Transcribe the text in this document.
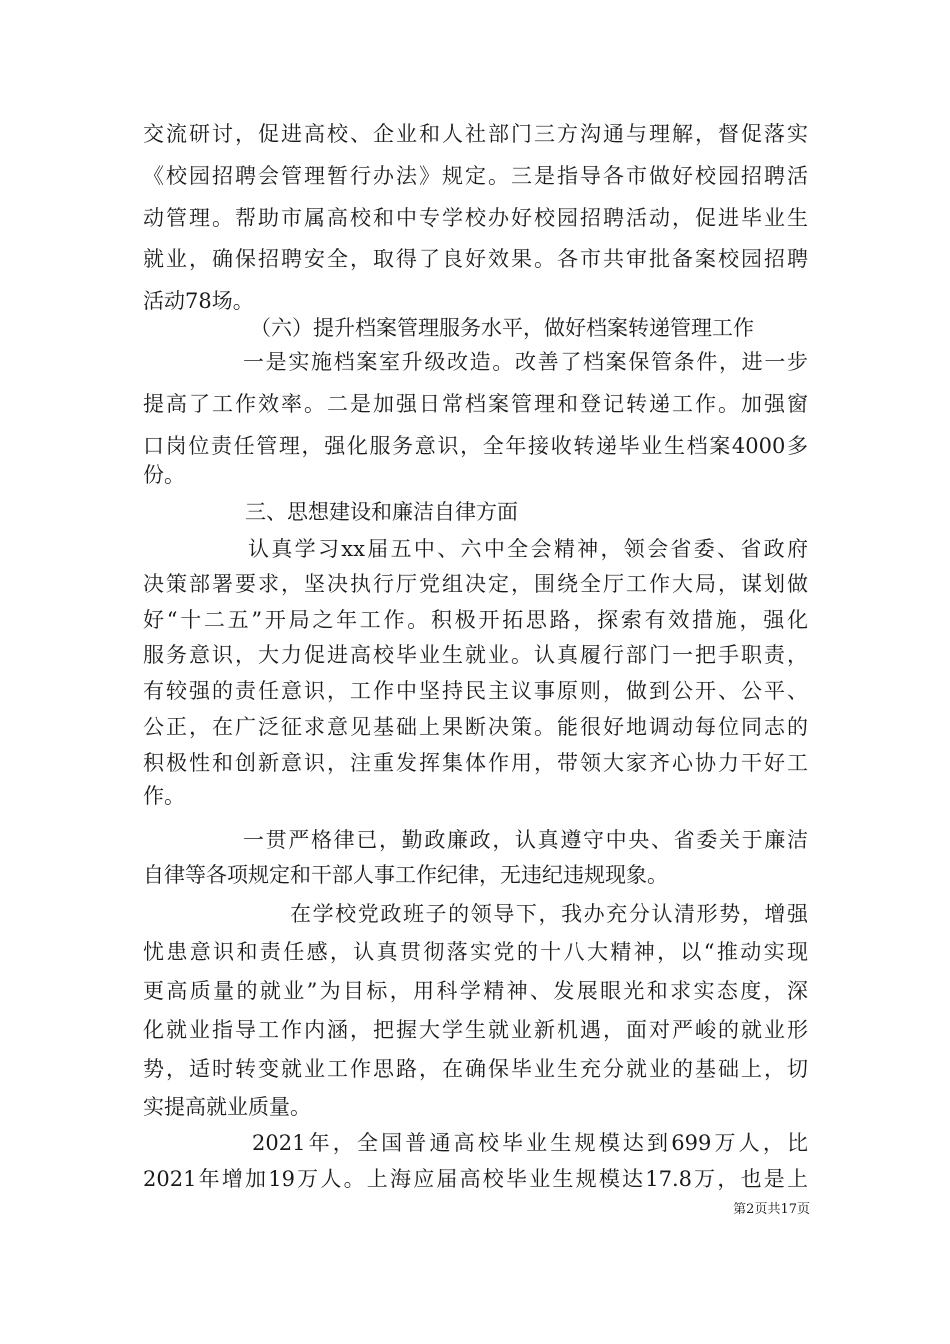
交流研讨，促进高校、企业和人社部门三方沟通与理解，督促落实
《校园招聘会管理暂行办法》规定。三是指导各市做好校园招聘活
动管理。帮助市属高校和中专学校办好校园招聘活动，促进毕业生
就业，确保招聘安全，取得了良好效果。各市共审批备案校园招聘
活动78场。
（六）提升档案管理服务水平，做好档案转递管理工作
一是实施档案室升级改造。改善了档案保管条件，进一步
提高了工作效率。二是加强日常档案管理和登记转递工作。加强窗
口岗位责任管理，强化服务意识，全年接收转递毕业生档案4000多
份。
三、思想建设和廉洁自律方面
认真学习xx届五中、六中全会精神，领会省委、省政府
决策部署要求，坚决执行厅党组决定，围绕全厅工作大局，谋划做
好“十二五”开局之年工作。积极开拓思路，探索有效措施，强化
服务意识，大力促进高校毕业生就业。认真履行部门一把手职责，
有较强的责任意识，工作中坚持民主议事原则，做到公开、公平、
公正，在广泛征求意见基础上果断决策。能很好地调动每位同志的
积极性和创新意识，注重发挥集体作用，带领大家齐心协力干好工
作。
一贯严格律已，勤政廉政，认真遵守中央、省委关于廉洁
自律等各项规定和干部人事工作纪律，无违纪违规现象。
在学校党政班子的领导下，我办充分认清形势，增强
忧患意识和责任感，认真贯彻落实党的十八大精神，以“推动实现
更高质量的就业”为目标，用科学精神、发展眼光和求实态度，深
化就业指导工作内涵，把握大学生就业新机遇，面对严峻的就业形
势，适时转变就业工作思路，在确保毕业生充分就业的基础上，切
实提高就业质量。
2021年，全国普通高校毕业生规模达到699万人，比
2021年增加19万人。上海应届高校毕业生规模达17.8万，也是上
第2页共17页
